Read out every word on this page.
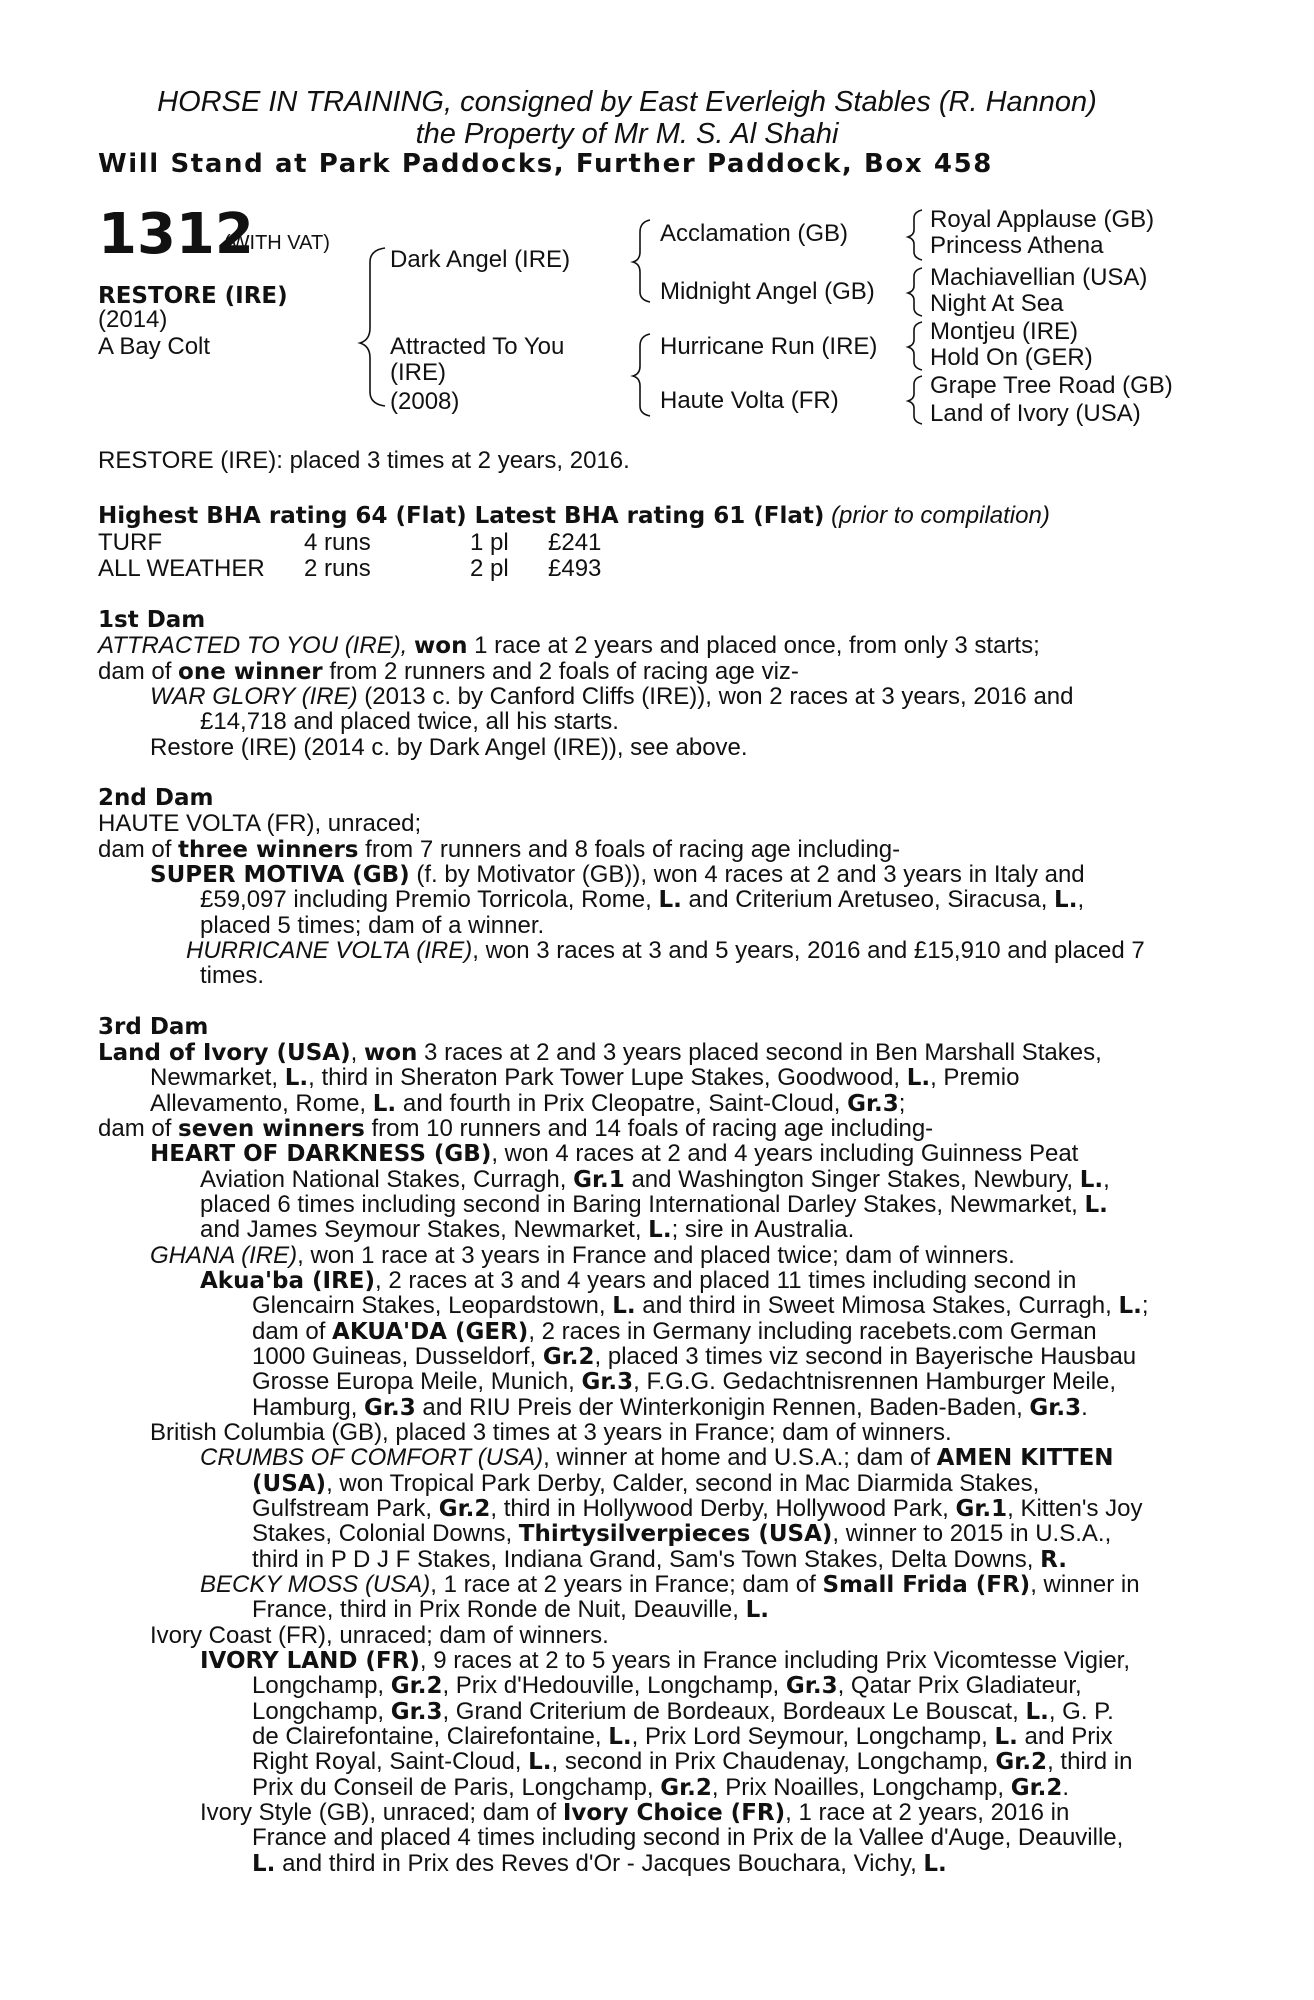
HORSE IN TRAINING, consigned by East Everleigh Stables (R. Hannon)
the Property of Mr M. S. Al Shahi
Will Stand at Park Paddocks, Further Paddock, Box 458
1312
(WITH VAT)
RESTORE (IRE)
(2014)
A Bay Colt
Dark Angel (IRE)
Attracted To You
(IRE)
(2008)
Acclamation (GB)
Midnight Angel (GB)
Hurricane Run (IRE)
Haute Volta (FR)
Royal Applause (GB)
Princess Athena
Machiavellian (USA)
Night At Sea
Montjeu (IRE)
Hold On (GER)
Grape Tree Road (GB)
Land of Ivory (USA)
RESTORE (IRE): placed 3 times at 2 years, 2016.
Highest BHA rating 64 (Flat) Latest BHA rating 61 (Flat) (prior to compilation)
TURF	4 runs	1 pl £241
ALL WEATHER 2 runs	2 pl £493
1st Dam
ATTRACTED TO YOU (IRE), won 1 race at 2 years and placed once, from only 3 starts;
dam of one winner from 2 runners and 2 foals of racing age viz-
WAR GLORY (IRE) (2013 c. by Canford Cliffs (IRE)), won 2 races at 3 years, 2016 and
£14,718 and placed twice, all his starts.
Restore (IRE) (2014 c. by Dark Angel (IRE)), see above.
2nd Dam
HAUTE VOLTA (FR), unraced;
dam of three winners from 7 runners and 8 foals of racing age including-
SUPER MOTIVA (GB) (f. by Motivator (GB)), won 4 races at 2 and 3 years in Italy and
£59,097 including Premio Torricola, Rome, L. and Criterium Aretuseo, Siracusa, L.,
placed 5 times; dam of a winner.
HURRICANE VOLTA (IRE), won 3 races at 3 and 5 years, 2016 and £15,910 and placed 7
times.
3rd Dam
Land of Ivory (USA), won 3 races at 2 and 3 years placed second in Ben Marshall Stakes,
Newmarket, L., third in Sheraton Park Tower Lupe Stakes, Goodwood, L., Premio
Allevamento, Rome, L. and fourth in Prix Cleopatre, Saint-Cloud, Gr.3;
dam of seven winners from 10 runners and 14 foals of racing age including-
HEART OF DARKNESS (GB), won 4 races at 2 and 4 years including Guinness Peat
Aviation National Stakes, Curragh, Gr.1 and Washington Singer Stakes, Newbury, L.,
placed 6 times including second in Baring International Darley Stakes, Newmarket, L.
and James Seymour Stakes, Newmarket, L.; sire in Australia.
GHANA (IRE), won 1 race at 3 years in France and placed twice; dam of winners.
Akua'ba (IRE), 2 races at 3 and 4 years and placed 11 times including second in
Glencairn Stakes, Leopardstown, L. and third in Sweet Mimosa Stakes, Curragh, L.;
dam of AKUA'DA (GER), 2 races in Germany including racebets.com German
1000 Guineas, Dusseldorf, Gr.2, placed 3 times viz second in Bayerische Hausbau
Grosse Europa Meile, Munich, Gr.3, F.G.G. Gedachtnisrennen Hamburger Meile,
Hamburg, Gr.3 and RIU Preis der Winterkonigin Rennen, Baden-Baden, Gr.3.
British Columbia (GB), placed 3 times at 3 years in France; dam of winners.
CRUMBS OF COMFORT (USA), winner at home and U.S.A.; dam of AMEN KITTEN
(USA), won Tropical Park Derby, Calder, second in Mac Diarmida Stakes,
Gulfstream Park, Gr.2, third in Hollywood Derby, Hollywood Park, Gr.1, Kitten's Joy
Stakes, Colonial Downs, Thirtysilverpieces (USA), winner to 2015 in U.S.A.,
third in P D J F Stakes, Indiana Grand, Sam's Town Stakes, Delta Downs, R.
BECKY MOSS (USA), 1 race at 2 years in France; dam of Small Frida (FR), winner in
France, third in Prix Ronde de Nuit, Deauville, L.
Ivory Coast (FR), unraced; dam of winners.
IVORY LAND (FR), 9 races at 2 to 5 years in France including Prix Vicomtesse Vigier,
Longchamp, Gr.2, Prix d'Hedouville, Longchamp, Gr.3, Qatar Prix Gladiateur,
Longchamp, Gr.3, Grand Criterium de Bordeaux, Bordeaux Le Bouscat, L., G. P.
de Clairefontaine, Clairefontaine, L., Prix Lord Seymour, Longchamp, L. and Prix
Right Royal, Saint-Cloud, L., second in Prix Chaudenay, Longchamp, Gr.2, third in
Prix du Conseil de Paris, Longchamp, Gr.2, Prix Noailles, Longchamp, Gr.2.
Ivory Style (GB), unraced; dam of Ivory Choice (FR), 1 race at 2 years, 2016 in
France and placed 4 times including second in Prix de la Vallee d'Auge, Deauville,
L. and third in Prix des Reves d'Or - Jacques Bouchara, Vichy, L.
